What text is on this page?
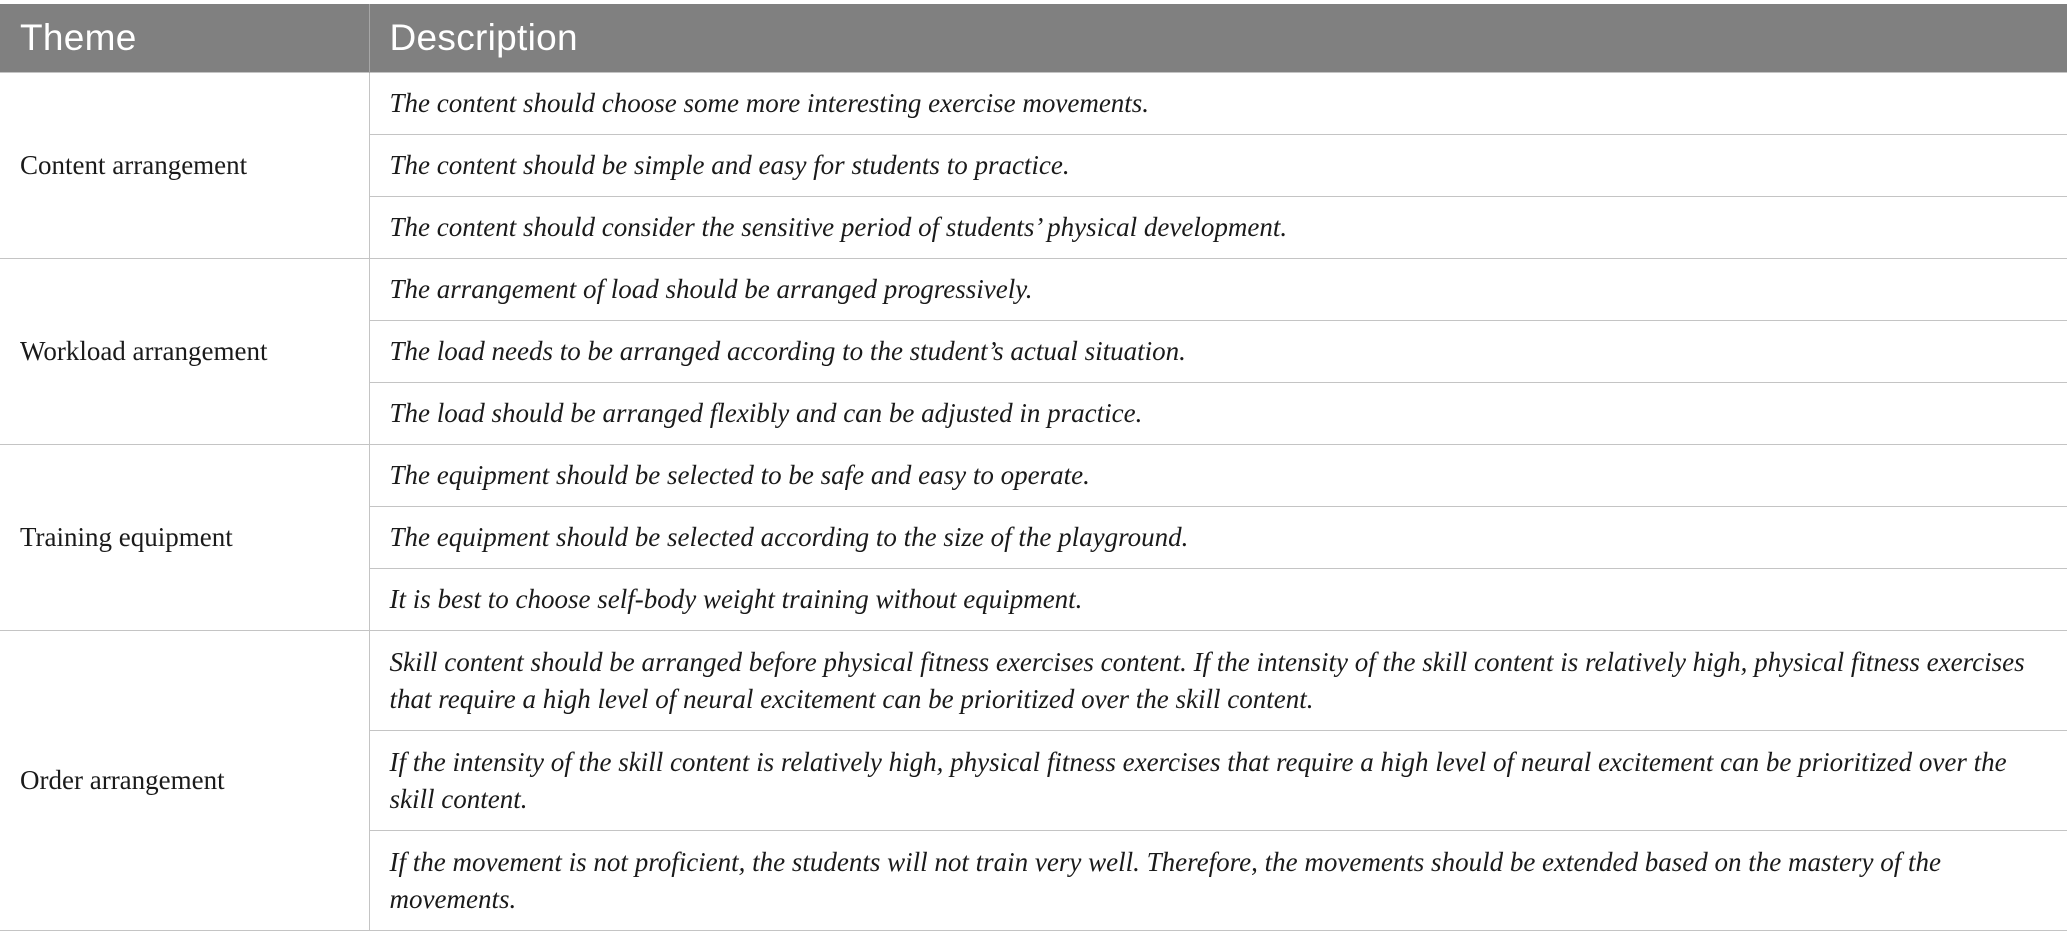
Theme	Description
Content arrangement	The content should choose some more interesting exercise movements.
	The content should be simple and easy for students to practice.
	The content should consider the sensitive period of students’ physical development.
Workload arrangement	The arrangement of load should be arranged progressively.
	The load needs to be arranged according to the student’s actual situation.
	The load should be arranged flexibly and can be adjusted in practice.
Training equipment	The equipment should be selected to be safe and easy to operate.
	The equipment should be selected according to the size of the playground.
	It is best to choose self-body weight training without equipment.
Order arrangement	Skill content should be arranged before physical fitness exercises content. If the intensity of the skill content is relatively high, physical fitness exercises that require a high level of neural excitement can be prioritized over the skill content.
	If the intensity of the skill content is relatively high, physical fitness exercises that require a high level of neural excitement can be prioritized over the skill content.
	If the movement is not proficient, the students will not train very well. Therefore, the movements should be extended based on the mastery of the movements.
